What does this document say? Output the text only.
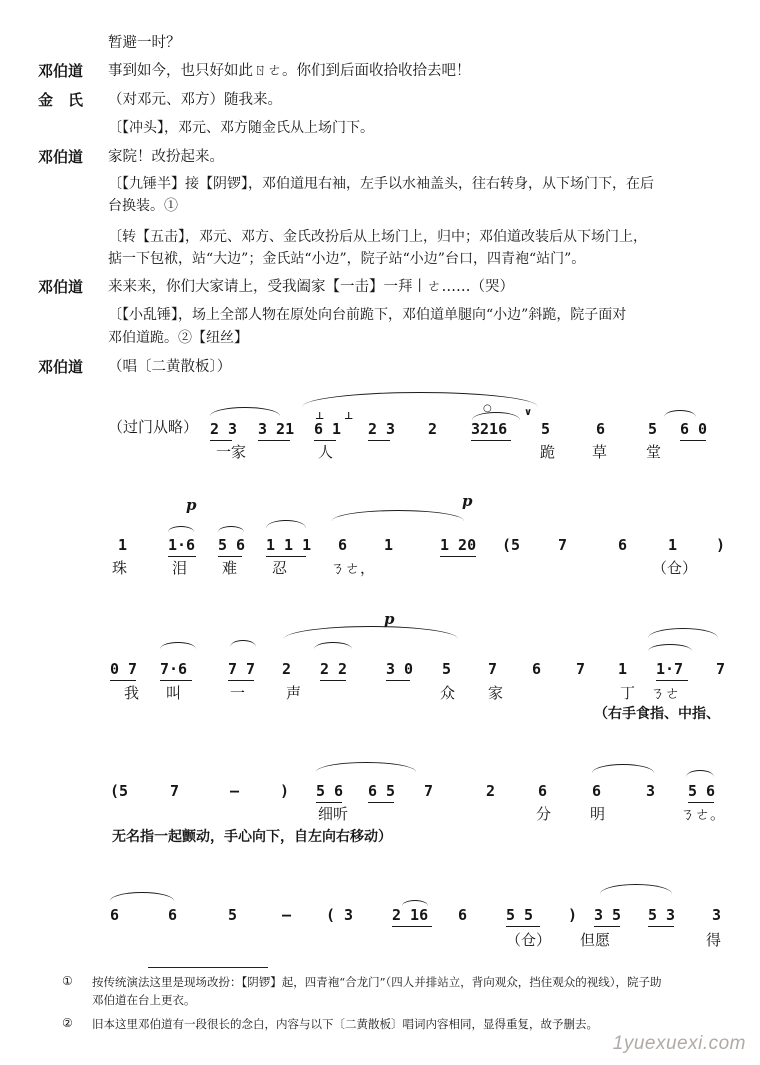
暂避一时？
邓伯道 事到如今，也只好如此ㄖㄜ。你们到后面收拾收拾去吧！
金　氏 （对邓元、邓方）随我来。
〔【冲头】，邓元、邓方随金氏从上场门下。
邓伯道 家院！改扮起来。
〔【九锤半】接【阴锣】，邓伯道甩右袖，左手以水袖盖头，往右转身，从下场门下，在后
台换装。①
〔转【五击】，邓元、邓方、金氏改扮后从上场门上，归中；邓伯道改装后从下场门上，
掂一下包袱，站“大边”；金氏站“小边”，院子站“小边”台口，四青袍“站门”。
邓伯道 来来来，你们大家请上，受我阖家【一击】一拜丨ㄜ……（哭）
〔【小乱锤】，场上全部人物在原处向台前跪下，邓伯道单腿向“小边”斜跪，院子面对
邓伯道跪。②【纽丝】
邓伯道 （唱〔二黄散板〕）
（过门从略）
⊥ ⊥
○	∨
2 3 3 21 6 1 2 3 2 3216 5	6	5 6 0
一家	人	跪 草	堂
p	p
1	1·6 5 6 1 1 1 6 1	1 20 (5	7	6	1	)
珠	泪 难 忍	ㄋㄜ，	（仓）
p
0 7 7·6	7 7 2 2 2	3 0 5 7 6 7 1 1·7 7
我 叫	一	声	众 家	丁 ㄋㄜ
（右手食指、中指、
(5	7	–	) 5 6 6 5 7	2	6	6	3 5 6
细听	分	明	ㄋㄜ。
无名指一起颤动，手心向下，自左向右移动）
6	6	5	– ( 3	2 16 6	5 5 ) 3 5 5 3 3
（仓） 但愿	得
① 按传统演法这里是现场改扮：【阴锣】起，四青袍“合龙门”（四人并排站立，背向观众，挡住观众的视线），院子助
邓伯道在台上更衣。
② 旧本这里邓伯道有一段很长的念白，内容与以下〔二黄散板〕唱词内容相同，显得重复，故予删去。
1yuexuexi.com
